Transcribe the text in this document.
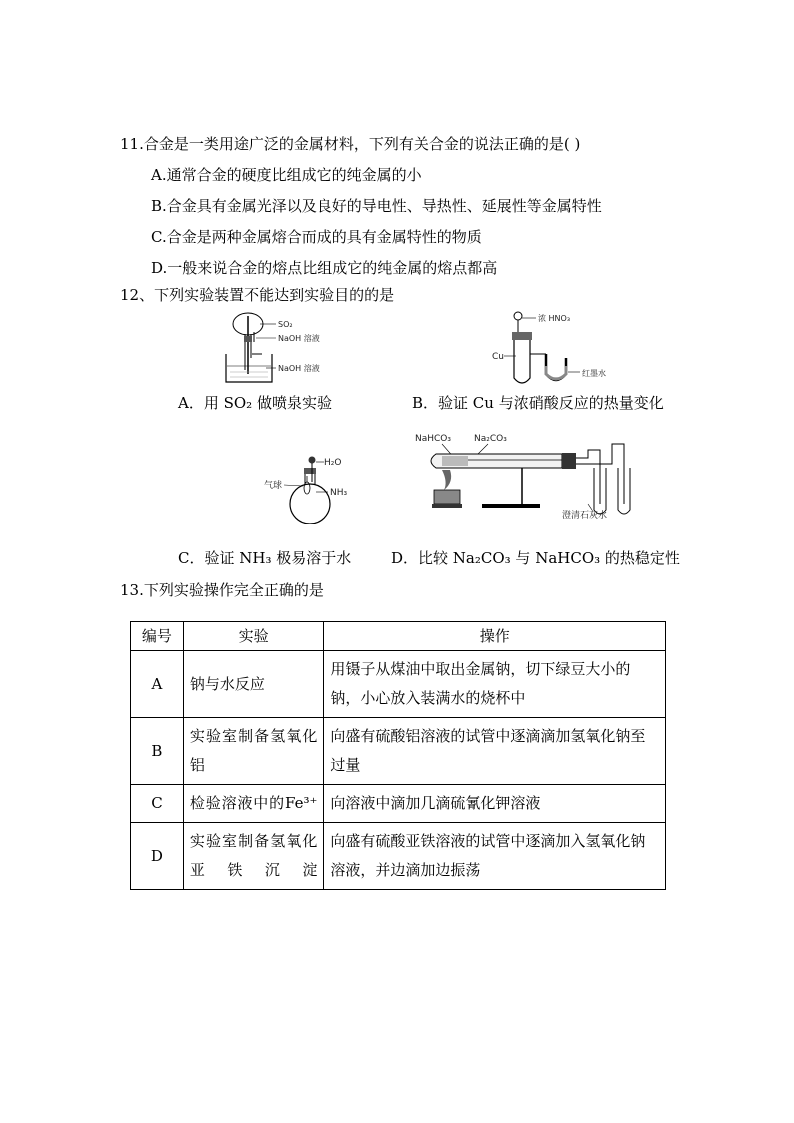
11.合金是一类用途广泛的金属材料，下列有关合金的说法正确的是( )
A.通常合金的硬度比组成它的纯金属的小
B.合金具有金属光泽以及良好的导电性、导热性、延展性等金属特性
C.合金是两种金属熔合而成的具有金属特性的物质
D.一般来说合金的熔点比组成它的纯金属的熔点都高
12、下列实验装置不能达到实验目的的是
SO₂
NaOH 溶液
NaOH 溶液
Cu
浓 HNO₃
红墨水
A．用 SO₂ 做喷泉实验	B．验证 Cu 与浓硝酸反应的热量变化
H₂O
气球
NH₃
NaHCO₃	Na₂CO₃
澄清石灰水
C．验证 NH₃ 极易溶于水	D．比较 Na₂CO₃ 与 NaHCO₃ 的热稳定性
13.下列实验操作完全正确的是
编号	实验	操作
A	钠与水反应	用镊子从煤油中取出金属钠，切下绿豆大小的钠，小心放入装满水的烧杯中
B	实验室制备氢氧化铝	向盛有硫酸铝溶液的试管中逐滴滴加氢氧化钠至过量
C	检验溶液中的Fe³⁺	向溶液中滴加几滴硫氰化钾溶液
D	实验室制备氢氧化亚铁沉淀	向盛有硫酸亚铁溶液的试管中逐滴加入氢氧化钠溶液，并边滴加边振荡
